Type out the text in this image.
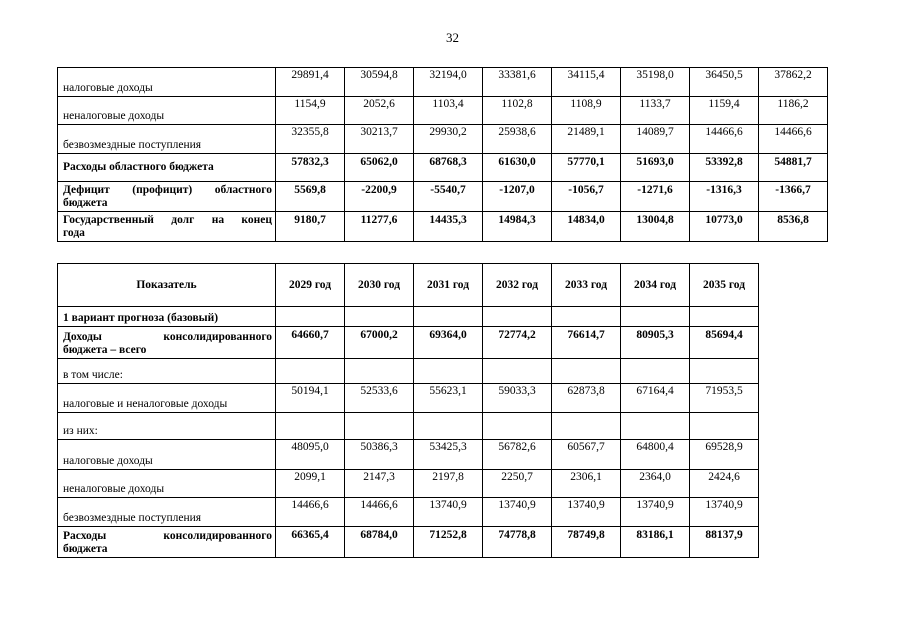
32
налоговые доходы	29891,4	30594,8	32194,0	33381,6	34115,4	35198,0	36450,5	37862,2
неналоговые доходы	1154,9	2052,6	1103,4	1102,8	1108,9	1133,7	1159,4	1186,2
безвозмездные поступления	32355,8	30213,7	29930,2	25938,6	21489,1	14089,7	14466,6	14466,6
Расходы областного бюджета	57832,3	65062,0	68768,3	61630,0	57770,1	51693,0	53392,8	54881,7

Дефицит (профицит) областного
бюджета	5569,8	-2200,9	-5540,7	-1207,0	-1056,7	-1271,6	-1316,3	-1366,7

Государственный долг на конец
года	9180,7	11277,6	14435,3	14984,3	14834,0	13004,8	10773,0	8536,8
Показатель	2029 год	2030 год	2031 год	2032 год	2033 год	2034 год	2035 год
1 вариант прогноза (базовый)							

Доходы консолидированного
бюджета – всего	64660,7	67000,2	69364,0	72774,2	76614,7	80905,3	85694,4
в том числе:							
налоговые и неналоговые доходы	50194,1	52533,6	55623,1	59033,3	62873,8	67164,4	71953,5
из них:							
налоговые доходы	48095,0	50386,3	53425,3	56782,6	60567,7	64800,4	69528,9
неналоговые доходы	2099,1	2147,3	2197,8	2250,7	2306,1	2364,0	2424,6
безвозмездные поступления	14466,6	14466,6	13740,9	13740,9	13740,9	13740,9	13740,9

Расходы консолидированного
бюджета	66365,4	68784,0	71252,8	74778,8	78749,8	83186,1	88137,9
